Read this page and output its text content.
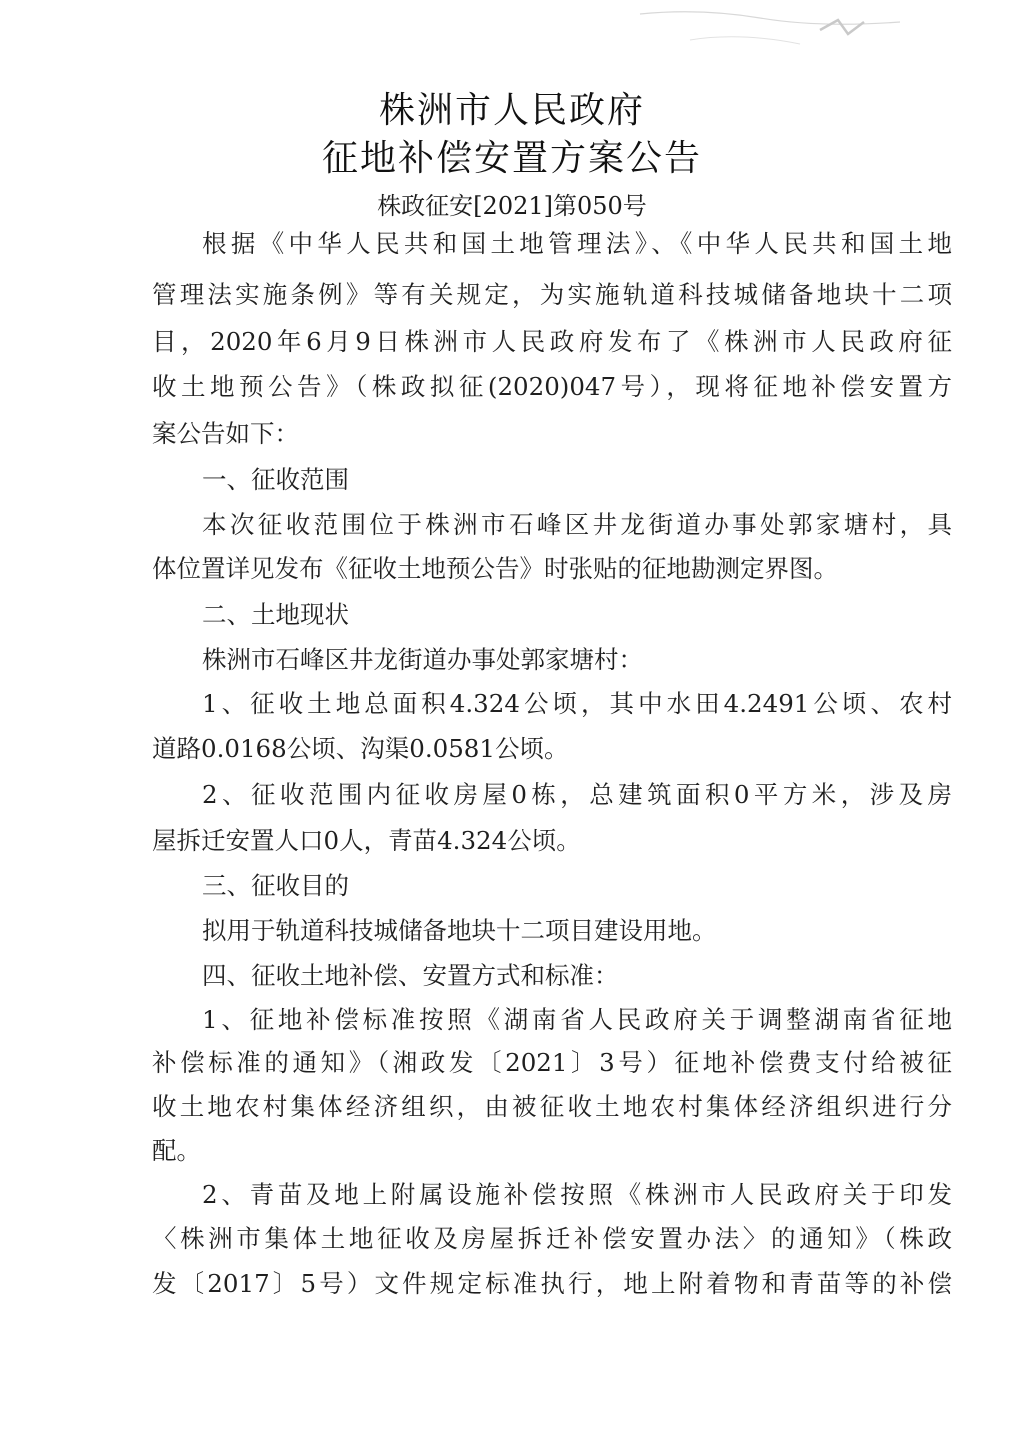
株洲市人民政府
征地补偿安置方案公告
株政征安[2021]第050号
根据《中华人民共和国土地管理法》、《中华人民共和国土地
管理法实施条例》等有关规定，为实施轨道科技城储备地块十二项
目，2020年6月9日株洲市人民政府发布了《株洲市人民政府征
收土地预公告》（株政拟征(2020)047号），现将征地补偿安置方
案公告如下：
一、征收范围
本次征收范围位于株洲市石峰区井龙街道办事处郭家塘村，具
体位置详见发布《征收土地预公告》时张贴的征地勘测定界图。
二、土地现状
株洲市石峰区井龙街道办事处郭家塘村：
1、征收土地总面积4.324公顷，其中水田4.2491公顷、农村
道路0.0168公顷、沟渠0.0581公顷。
2、征收范围内征收房屋0栋，总建筑面积0平方米，涉及房
屋拆迁安置人口0人，青苗4.324公顷。
三、征收目的
拟用于轨道科技城储备地块十二项目建设用地。
四、征收土地补偿、安置方式和标准：
1、征地补偿标准按照《湖南省人民政府关于调整湖南省征地
补偿标准的通知》（湘政发〔2021〕3号）征地补偿费支付给被征
收土地农村集体经济组织，由被征收土地农村集体经济组织进行分
配。
2、青苗及地上附属设施补偿按照《株洲市人民政府关于印发
〈株洲市集体土地征收及房屋拆迁补偿安置办法〉的通知》（株政
发〔2017〕5号）文件规定标准执行，地上附着物和青苗等的补偿
